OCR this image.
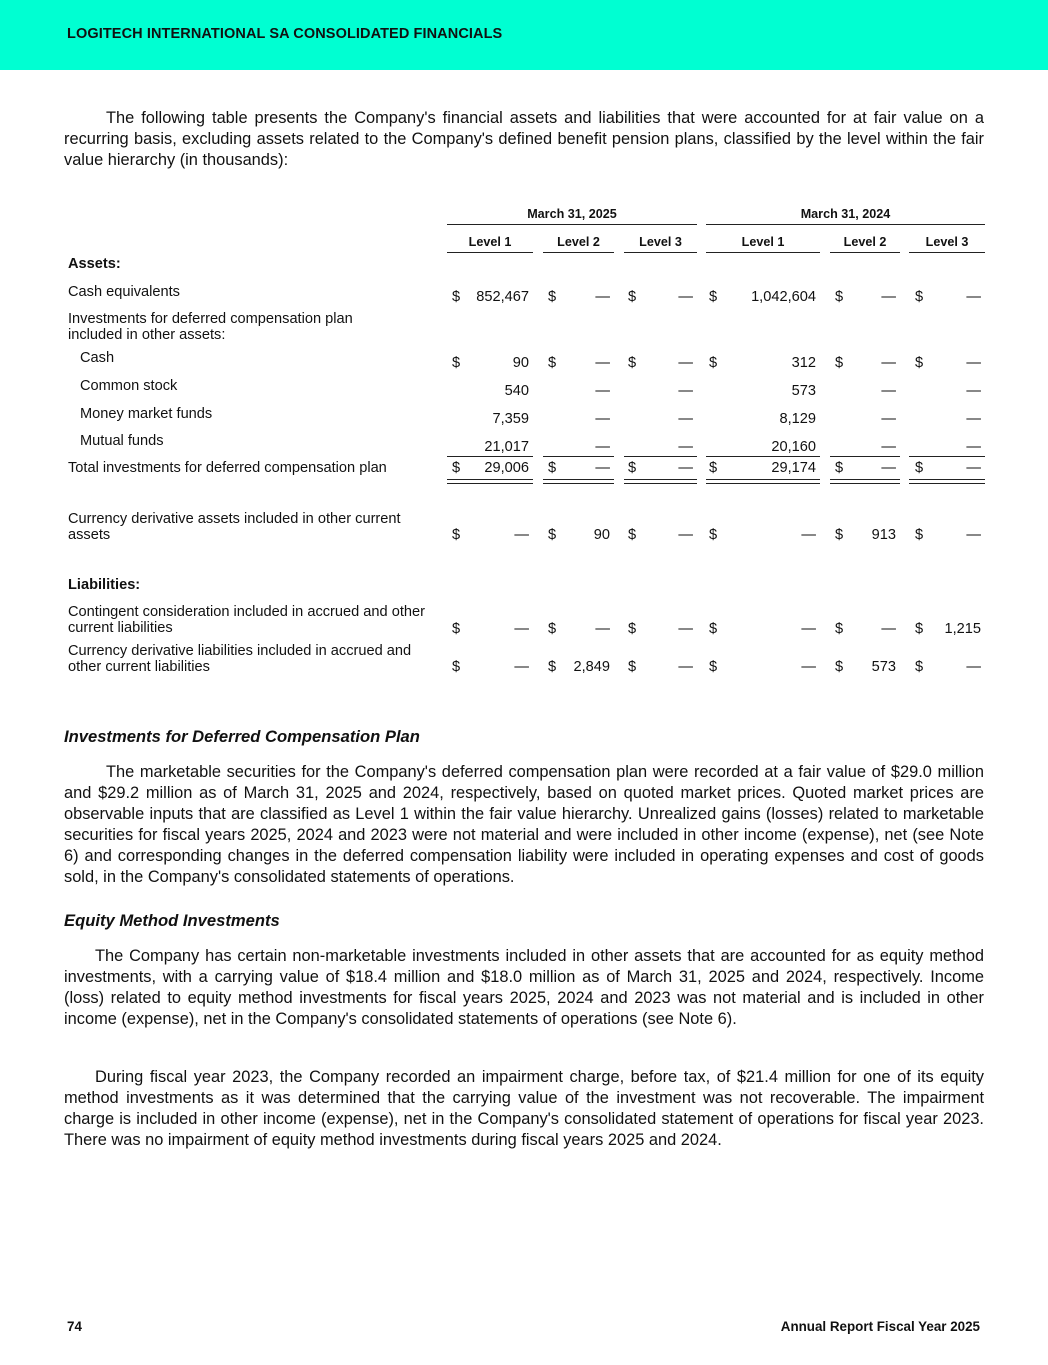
LOGITECH INTERNATIONAL SA CONSOLIDATED FINANCIALS

The following table presents the Company's financial assets and liabilities that were accounted for at fair value on a recurring basis, excluding assets related to the Company's defined benefit pension plans, classified by the level within the fair value hierarchy (in thousands):

March 31, 2025	March 31, 2024
Level 1	Level 2	Level 3	Level 1	Level 2	Level 3
Assets:
Liabilities:
Cash equivalents	$	852,467 $	— $	— $	1,042,604 $	— $	—
Investments for deferred compensation plan included in other assets:
Cash	$	90 $	— $	— $	312 $	— $	—
Common stock	540	—	—	573	—	—
Money market funds	7,359	—	—	8,129	—	—
Mutual funds	21,017	—	—	20,160	—	—
Total investments for deferred compensation plan	$	29,006 $	— $	— $	29,174 $	— $	—
Currency derivative assets included in other current assets	$	— $	90 $	— $	— $	913 $	—
Contingent consideration included in accrued and other current liabilities	$	— $	— $	— $	— $	— $	1,215
Currency derivative liabilities included in accrued and other current liabilities	$	— $	2,849 $	— $	— $	573 $	—
Investments for Deferred Compensation Plan

The marketable securities for the Company's deferred compensation plan were recorded at a fair value of $29.0 million and $29.2 million as of March 31, 2025 and 2024, respectively, based on quoted market prices. Quoted market prices are observable inputs that are classified as Level 1 within the fair value hierarchy. Unrealized gains (losses) related to marketable securities for fiscal years 2025, 2024 and 2023 were not material and were included in other income (expense), net (see Note 6) and corresponding changes in the deferred compensation liability were included in operating expenses and cost of goods sold, in the Company's consolidated statements of operations.

Equity Method Investments

The Company has certain non-marketable investments included in other assets that are accounted for as equity method investments, with a carrying value of $18.4 million and $18.0 million as of March 31, 2025 and 2024, respectively. Income (loss) related to equity method investments for fiscal years 2025, 2024 and 2023 was not material and is included in other income (expense), net in the Company's consolidated statements of operations (see Note 6).

During fiscal year 2023, the Company recorded an impairment charge, before tax, of $21.4 million for one of its equity method investments as it was determined that the carrying value of the investment was not recoverable. The impairment charge is included in other income (expense), net in the Company's consolidated statement of operations for fiscal year 2023. There was no impairment of equity method investments during fiscal years 2025 and 2024.

74	Annual Report Fiscal Year 2025
